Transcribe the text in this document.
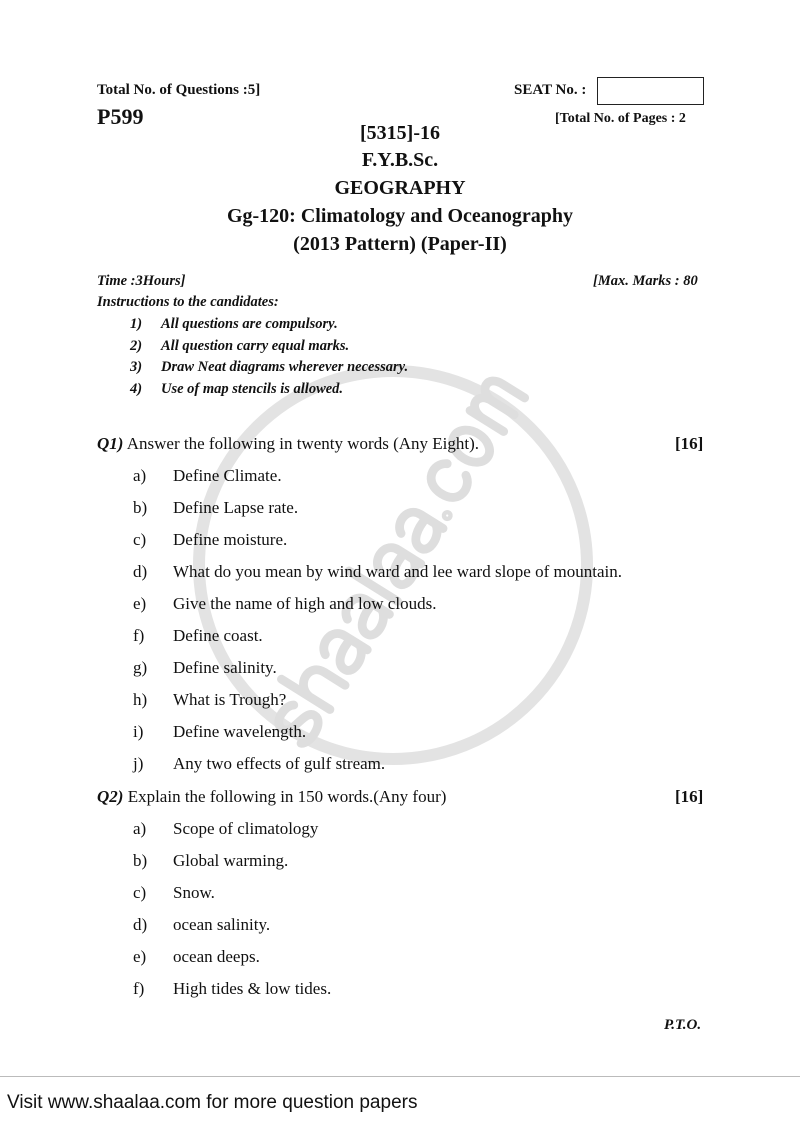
Total No. of Questions :5]
P599
SEAT No. :
[Total No. of Pages : 2
[5315]-16
F.Y.B.Sc.
GEOGRAPHY
Gg-120: Climatology and Oceanography
(2013 Pattern) (Paper-II)
Time :3Hours]	[Max. Marks : 80
Instructions to the candidates:
1) All questions are compulsory.
2) All question carry equal marks.
3) Draw Neat diagrams wherever necessary.
4) Use of map stencils is allowed.
Q1) Answer the following in twenty words (Any Eight).	[16]
a) Define Climate.
b) Define Lapse rate.
c) Define moisture.
d) What do you mean by wind ward and lee ward slope of mountain.
e) Give the name of high and low clouds.
f) Define coast.
g) Define salinity.
h) What is Trough?
i) Define wavelength.
j) Any two effects of gulf stream.
Q2) Explain the following in 150 words.(Any four)	[16]
a) Scope of climatology
b) Global warming.
c) Snow.
d) ocean salinity.
e) ocean deeps.
f) High tides & low tides.
P.T.O.
Visit www.shaalaa.com for more question papers
